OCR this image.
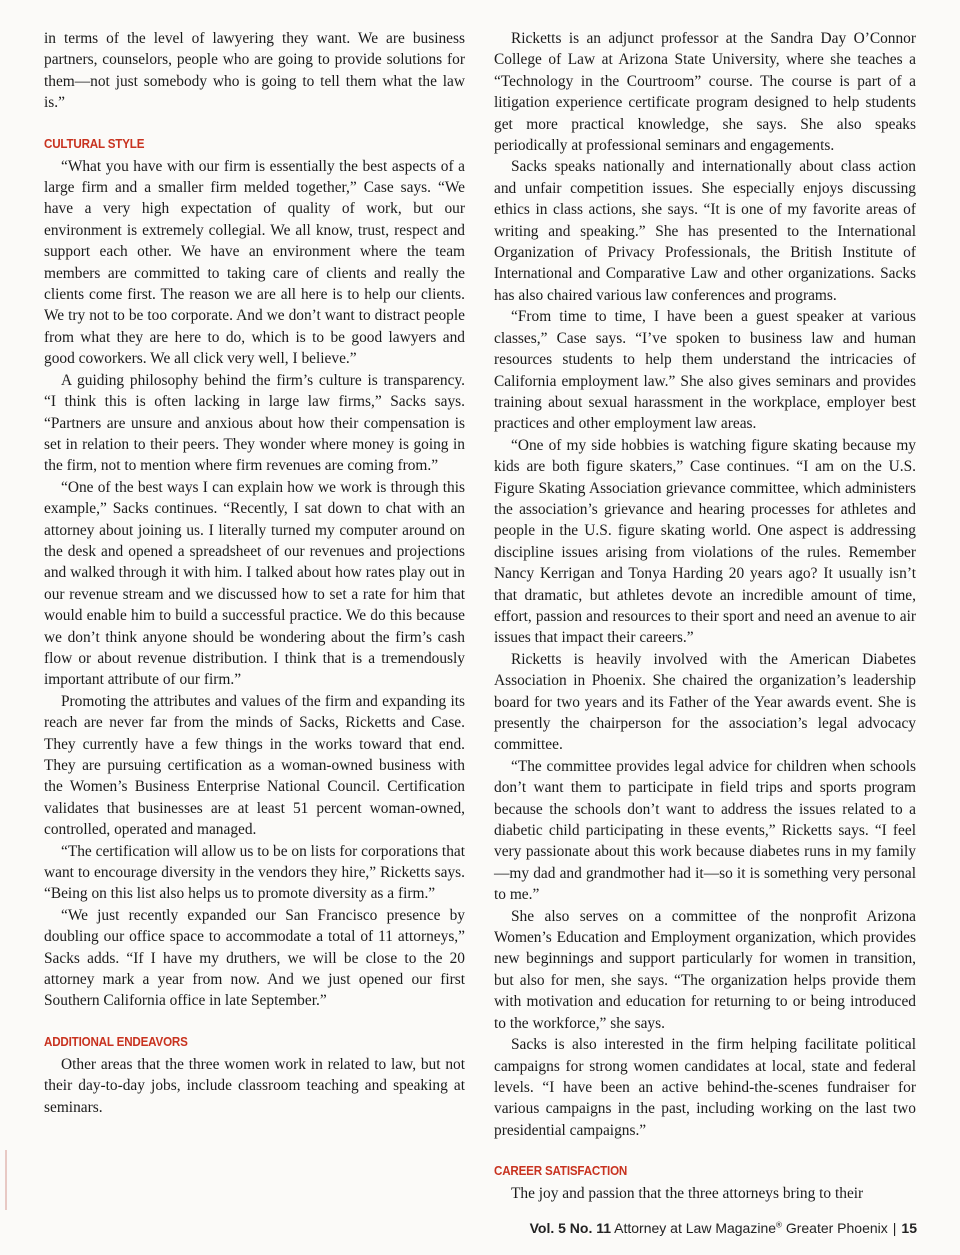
in terms of the level of lawyering they want. We are business partners, counselors, people who are going to provide solutions for them—not just somebody who is going to tell them what the law is.”

CULTURAL STYLE

“What you have with our firm is essentially the best aspects of a large firm and a smaller firm melded together,” Case says. “We have a very high expectation of quality of work, but our environment is extremely collegial. We all know, trust, respect and support each other. We have an environment where the team members are committed to taking care of clients and really the clients come first. The reason we are all here is to help our clients. We try not to be too corporate. And we don’t want to distract people from what they are here to do, which is to be good lawyers and good coworkers. We all click very well, I believe.”

A guiding philosophy behind the firm’s culture is transparency. “I think this is often lacking in large law firms,” Sacks says. “Partners are unsure and anxious about how their compensation is set in relation to their peers. They wonder where money is going in the firm, not to mention where firm revenues are coming from.”

“One of the best ways I can explain how we work is through this example,” Sacks continues. “Recently, I sat down to chat with an attorney about joining us. I literally turned my computer around on the desk and opened a spreadsheet of our revenues and projections and walked through it with him. I talked about how rates play out in our revenue stream and we discussed how to set a rate for him that would enable him to build a successful practice. We do this because we don’t think anyone should be wondering about the firm’s cash flow or about revenue distribution. I think that is a tremendously important attribute of our firm.”

Promoting the attributes and values of the firm and expanding its reach are never far from the minds of Sacks, Ricketts and Case. They currently have a few things in the works toward that end. They are pursuing certification as a woman-owned business with the Women’s Business Enterprise National Council. Certification validates that businesses are at least 51 percent woman-owned, controlled, operated and managed.

“The certification will allow us to be on lists for corporations that want to encourage diversity in the vendors they hire,” Ricketts says. “Being on this list also helps us to promote diversity as a firm.”

“We just recently expanded our San Francisco presence by doubling our office space to accommodate a total of 11 attorneys,” Sacks adds. “If I have my druthers, we will be close to the 20 attorney mark a year from now. And we just opened our first Southern California office in late September.”

ADDITIONAL ENDEAVORS

Other areas that the three women work in related to law, but not their day-to-day jobs, include classroom teaching and speaking at seminars.

Ricketts is an adjunct professor at the Sandra Day O’Connor College of Law at Arizona State University, where she teaches a “Technology in the Courtroom” course. The course is part of a litigation experience certificate program designed to help students get more practical knowledge, she says. She also speaks periodically at professional seminars and engagements.

Sacks speaks nationally and internationally about class action and unfair competition issues. She especially enjoys discussing ethics in class actions, she says. “It is one of my favorite areas of writing and speaking.” She has presented to the International Organization of Privacy Professionals, the British Institute of International and Comparative Law and other organizations. Sacks has also chaired various law conferences and programs.

“From time to time, I have been a guest speaker at various classes,” Case says. “I’ve spoken to business law and human resources students to help them understand the intricacies of California employment law.” She also gives seminars and provides training about sexual harassment in the workplace, employer best practices and other employment law areas.

“One of my side hobbies is watching figure skating because my kids are both figure skaters,” Case continues. “I am on the U.S. Figure Skating Association grievance committee, which administers the association’s grievance and hearing processes for athletes and people in the U.S. figure skating world. One aspect is addressing discipline issues arising from violations of the rules. Remember Nancy Kerrigan and Tonya Harding 20 years ago? It usually isn’t that dramatic, but athletes devote an incredible amount of time, effort, passion and resources to their sport and need an avenue to air issues that impact their careers.”

Ricketts is heavily involved with the American Diabetes Association in Phoenix. She chaired the organization’s leadership board for two years and its Father of the Year awards event. She is presently the chairperson for the association’s legal advocacy committee.

“The committee provides legal advice for children when schools don’t want them to participate in field trips and sports program because the schools don’t want to address the issues related to a diabetic child participating in these events,” Ricketts says. “I feel very passionate about this work because diabetes runs in my family—my dad and grandmother had it—so it is something very personal to me.”

She also serves on a committee of the nonprofit Arizona Women’s Education and Employment organization, which provides new beginnings and support particularly for women in transition, but also for men, she says. “The organization helps provide them with motivation and education for returning to or being introduced to the workforce,” she says.

Sacks is also interested in the firm helping facilitate political campaigns for strong women candidates at local, state and federal levels. “I have been an active behind-the-scenes fundraiser for various campaigns in the past, including working on the last two presidential campaigns.”

CAREER SATISFACTION

The joy and passion that the three attorneys bring to their

Vol. 5 No. 11 Attorney at Law Magazine® Greater Phoenix | 15
